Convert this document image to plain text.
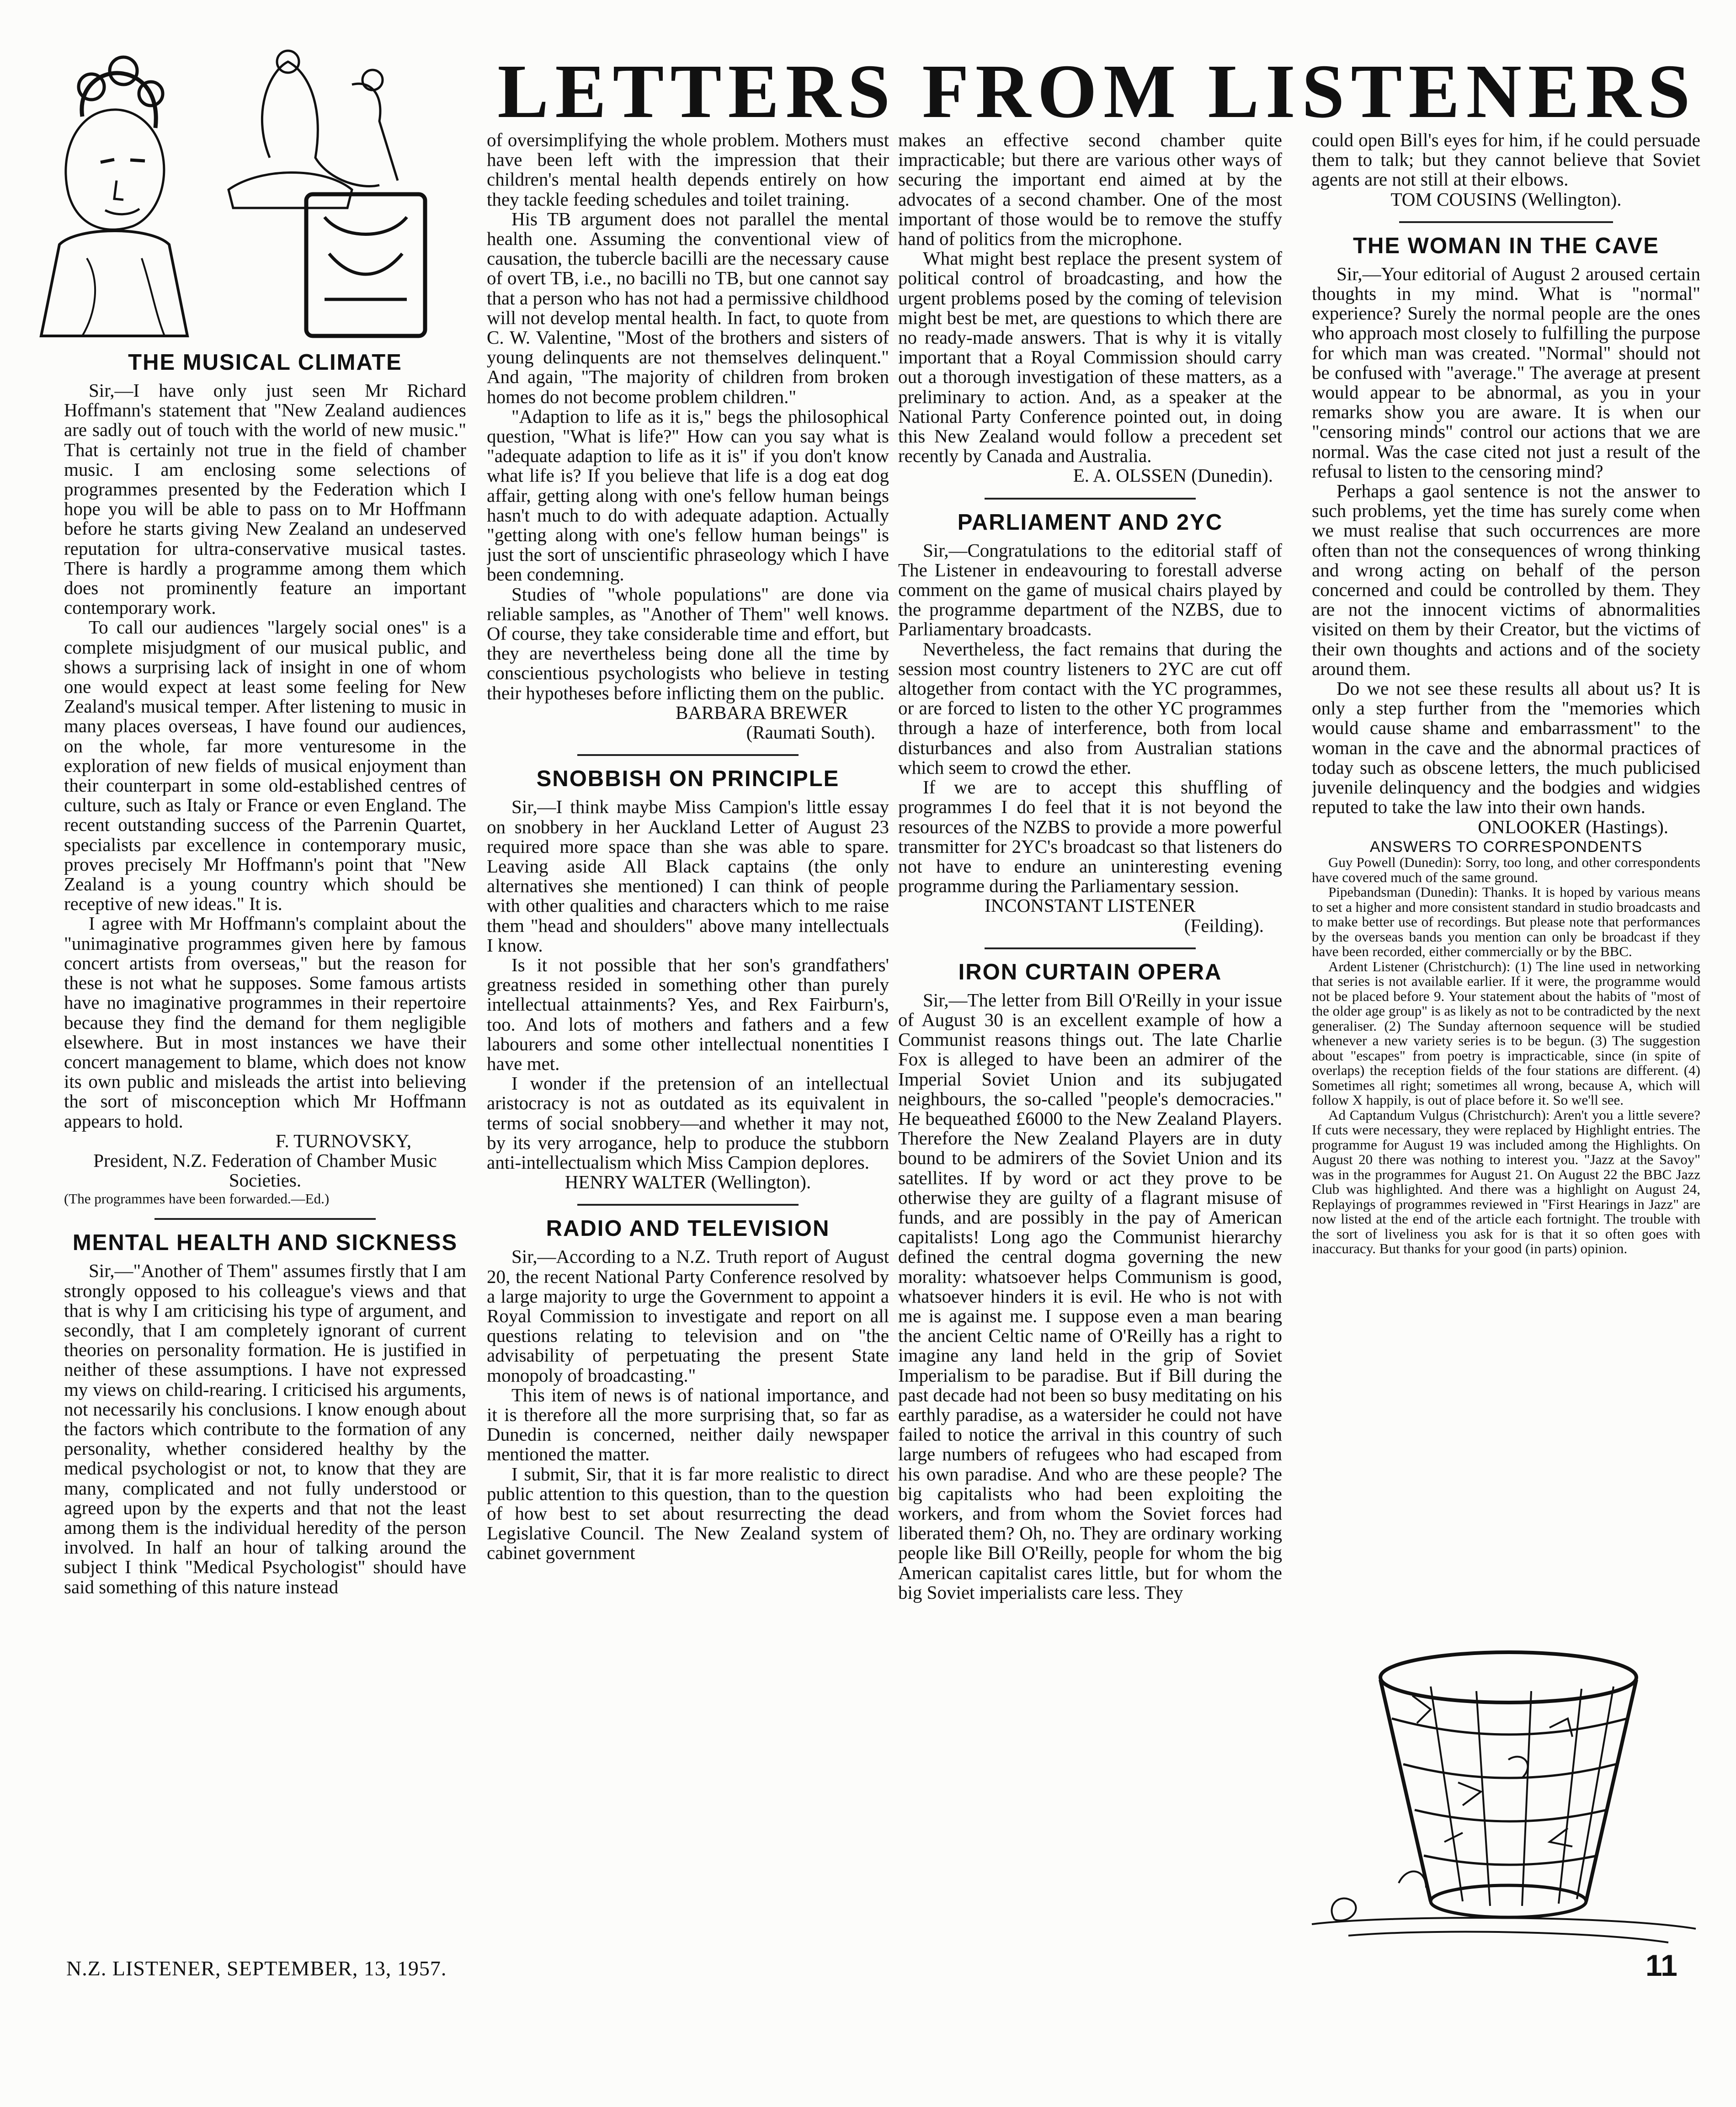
LETTERS FROM LISTENERS
THE MUSICAL CLIMATE

Sir,—I have only just seen Mr Richard Hoffmann's statement that "New Zealand audiences are sadly out of touch with the world of new music." That is certainly not true in the field of chamber music. I am enclosing some selections of programmes presented by the Federation which I hope you will be able to pass on to Mr Hoffmann before he starts giving New Zealand an undeserved reputation for ultra-conservative musical tastes. There is hardly a programme among them which does not prominently feature an important contemporary work.

To call our audiences "largely social ones" is a complete misjudgment of our musical public, and shows a surprising lack of insight in one of whom one would expect at least some feeling for New Zealand's musical temper. After listening to music in many places overseas, I have found our audiences, on the whole, far more venturesome in the exploration of new fields of musical enjoyment than their counterpart in some old-established centres of culture, such as Italy or France or even England. The recent outstanding success of the Parrenin Quartet, specialists par excellence in contemporary music, proves precisely Mr Hoffmann's point that "New Zealand is a young country which should be receptive of new ideas." It is.

I agree with Mr Hoffmann's complaint about the "unimaginative programmes given here by famous concert artists from overseas," but the reason for these is not what he supposes. Some famous artists have no imaginative programmes in their repertoire because they find the demand for them negligible elsewhere. But in most instances we have their concert management to blame, which does not know its own public and misleads the artist into believing the sort of misconception which Mr Hoffmann appears to hold.

F. TURNOVSKY,
President, N.Z. Federation of Chamber Music Societies.
(The programmes have been forwarded.—Ed.)
MENTAL HEALTH AND SICKNESS

Sir,—"Another of Them" assumes firstly that I am strongly opposed to his colleague's views and that that is why I am criticising his type of argument, and secondly, that I am completely ignorant of current theories on personality formation. He is justified in neither of these assumptions. I have not expressed my views on child-rearing. I criticised his arguments, not necessarily his conclusions. I know enough about the factors which contribute to the formation of any personality, whether considered healthy by the medical psychologist or not, to know that they are many, complicated and not fully understood or agreed upon by the experts and that not the least among them is the individual heredity of the person involved. In half an hour of talking around the subject I think "Medical Psychologist" should have said something of this nature instead

of oversimplifying the whole problem. Mothers must have been left with the impression that their children's mental health depends entirely on how they tackle feeding schedules and toilet training.

His TB argument does not parallel the mental health one. Assuming the conventional view of causation, the tubercle bacilli are the necessary cause of overt TB, i.e., no bacilli no TB, but one cannot say that a person who has not had a permissive childhood will not develop mental health. In fact, to quote from C. W. Valentine, "Most of the brothers and sisters of young delinquents are not themselves delinquent." And again, "The majority of children from broken homes do not become problem children."

"Adaption to life as it is," begs the philosophical question, "What is life?" How can you say what is "adequate adaption to life as it is" if you don't know what life is? If you believe that life is a dog eat dog affair, getting along with one's fellow human beings hasn't much to do with adequate adaption. Actually "getting along with one's fellow human beings" is just the sort of unscientific phraseology which I have been condemning.

Studies of "whole populations" are done via reliable samples, as "Another of Them" well knows. Of course, they take considerable time and effort, but they are nevertheless being done all the time by conscientious psychologists who believe in testing their hypotheses before inflicting them on the public.

BARBARA BREWER
(Raumati South).
SNOBBISH ON PRINCIPLE

Sir,—I think maybe Miss Campion's little essay on snobbery in her Auckland Letter of August 23 required more space than she was able to spare. Leaving aside All Black captains (the only alternatives she mentioned) I can think of people with other qualities and characters which to me raise them "head and shoulders" above many intellectuals I know.

Is it not possible that her son's grandfathers' greatness resided in something other than purely intellectual attainments? Yes, and Rex Fairburn's, too. And lots of mothers and fathers and a few labourers and some other intellectual nonentities I have met.

I wonder if the pretension of an intellectual aristocracy is not as outdated as its equivalent in terms of social snobbery—and whether it may not, by its very arrogance, help to produce the stubborn anti-intellectualism which Miss Campion deplores.

HENRY WALTER (Wellington).
RADIO AND TELEVISION

Sir,—According to a N.Z. Truth report of August 20, the recent National Party Conference resolved by a large majority to urge the Government to appoint a Royal Commission to investigate and report on all questions relating to television and on "the advisability of perpetuating the present State monopoly of broadcasting."

This item of news is of national importance, and it is therefore all the more surprising that, so far as Dunedin is concerned, neither daily newspaper mentioned the matter.

I submit, Sir, that it is far more realistic to direct public attention to this question, than to the question of how best to set about resurrecting the dead Legislative Council. The New Zealand system of cabinet government

makes an effective second chamber quite impracticable; but there are various other ways of securing the important end aimed at by the advocates of a second chamber. One of the most important of those would be to remove the stuffy hand of politics from the microphone.

What might best replace the present system of political control of broadcasting, and how the urgent problems posed by the coming of television might best be met, are questions to which there are no ready-made answers. That is why it is vitally important that a Royal Commission should carry out a thorough investigation of these matters, as a preliminary to action. And, as a speaker at the National Party Conference pointed out, in doing this New Zealand would follow a precedent set recently by Canada and Australia.

E. A. OLSSEN (Dunedin).
PARLIAMENT AND 2YC

Sir,—Congratulations to the editorial staff of The Listener in endeavouring to forestall adverse comment on the game of musical chairs played by the programme department of the NZBS, due to Parliamentary broadcasts.

Nevertheless, the fact remains that during the session most country listeners to 2YC are cut off altogether from contact with the YC programmes, or are forced to listen to the other YC programmes through a haze of interference, both from local disturbances and also from Australian stations which seem to crowd the ether.

If we are to accept this shuffling of programmes I do feel that it is not beyond the resources of the NZBS to provide a more powerful transmitter for 2YC's broadcast so that listeners do not have to endure an uninteresting evening programme during the Parliamentary session.

INCONSTANT LISTENER
(Feilding).
IRON CURTAIN OPERA

Sir,—The letter from Bill O'Reilly in your issue of August 30 is an excellent example of how a Communist reasons things out. The late Charlie Fox is alleged to have been an admirer of the Imperial Soviet Union and its subjugated neighbours, the so-called "people's democracies." He bequeathed £6000 to the New Zealand Players. Therefore the New Zealand Players are in duty bound to be admirers of the Soviet Union and its satellites. If by word or act they prove to be otherwise they are guilty of a flagrant misuse of funds, and are possibly in the pay of American capitalists! Long ago the Communist hierarchy defined the central dogma governing the new morality: whatsoever helps Communism is good, whatsoever hinders it is evil. He who is not with me is against me. I suppose even a man bearing the ancient Celtic name of O'Reilly has a right to imagine any land held in the grip of Soviet Imperialism to be paradise. But if Bill during the past decade had not been so busy meditating on his earthly paradise, as a watersider he could not have failed to notice the arrival in this country of such large numbers of refugees who had escaped from his own paradise. And who are these people? The big capitalists who had been exploiting the workers, and from whom the Soviet forces had liberated them? Oh, no. They are ordinary working people like Bill O'Reilly, people for whom the big American capitalist cares little, but for whom the big Soviet imperialists care less. They

could open Bill's eyes for him, if he could persuade them to talk; but they cannot believe that Soviet agents are not still at their elbows.

TOM COUSINS (Wellington).
THE WOMAN IN THE CAVE

Sir,—Your editorial of August 2 aroused certain thoughts in my mind. What is "normal" experience? Surely the normal people are the ones who approach most closely to fulfilling the purpose for which man was created. "Normal" should not be confused with "average." The average at present would appear to be abnormal, as you in your remarks show you are aware. It is when our "censoring minds" control our actions that we are normal. Was the case cited not just a result of the refusal to listen to the censoring mind?

Perhaps a gaol sentence is not the answer to such problems, yet the time has surely come when we must realise that such occurrences are more often than not the consequences of wrong thinking and wrong acting on behalf of the person concerned and could be controlled by them. They are not the innocent victims of abnormalities visited on them by their Creator, but the victims of their own thoughts and actions and of the society around them.

Do we not see these results all about us? It is only a step further from the "memories which would cause shame and embarrassment" to the woman in the cave and the abnormal practices of today such as obscene letters, the much publicised juvenile delinquency and the bodgies and widgies reputed to take the law into their own hands.

ONLOOKER (Hastings).
ANSWERS TO CORRESPONDENTS

Guy Powell (Dunedin): Sorry, too long, and other correspondents have covered much of the same ground.

Pipebandsman (Dunedin): Thanks. It is hoped by various means to set a higher and more consistent standard in studio broadcasts and to make better use of recordings. But please note that performances by the overseas bands you mention can only be broadcast if they have been recorded, either commercially or by the BBC.

Ardent Listener (Christchurch): (1) The line used in networking that series is not available earlier. If it were, the programme would not be placed before 9. Your statement about the habits of "most of the older age group" is as likely as not to be contradicted by the next generaliser. (2) The Sunday afternoon sequence will be studied whenever a new variety series is to be begun. (3) The suggestion about "escapes" from poetry is impracticable, since (in spite of overlaps) the reception fields of the four stations are different. (4) Sometimes all right; sometimes all wrong, because A, which will follow X happily, is out of place before it. So we'll see.

Ad Captandum Vulgus (Christchurch): Aren't you a little severe? If cuts were necessary, they were replaced by Highlight entries. The programme for August 19 was included among the Highlights. On August 20 there was nothing to interest you. "Jazz at the Savoy" was in the programmes for August 21. On August 22 the BBC Jazz Club was highlighted. And there was a highlight on August 24, Replayings of programmes reviewed in "First Hearings in Jazz" are now listed at the end of the article each fortnight. The trouble with the sort of liveliness you ask for is that it so often goes with inaccuracy. But thanks for your good (in parts) opinion.

N.Z. LISTENER, SEPTEMBER, 13, 1957.	11
